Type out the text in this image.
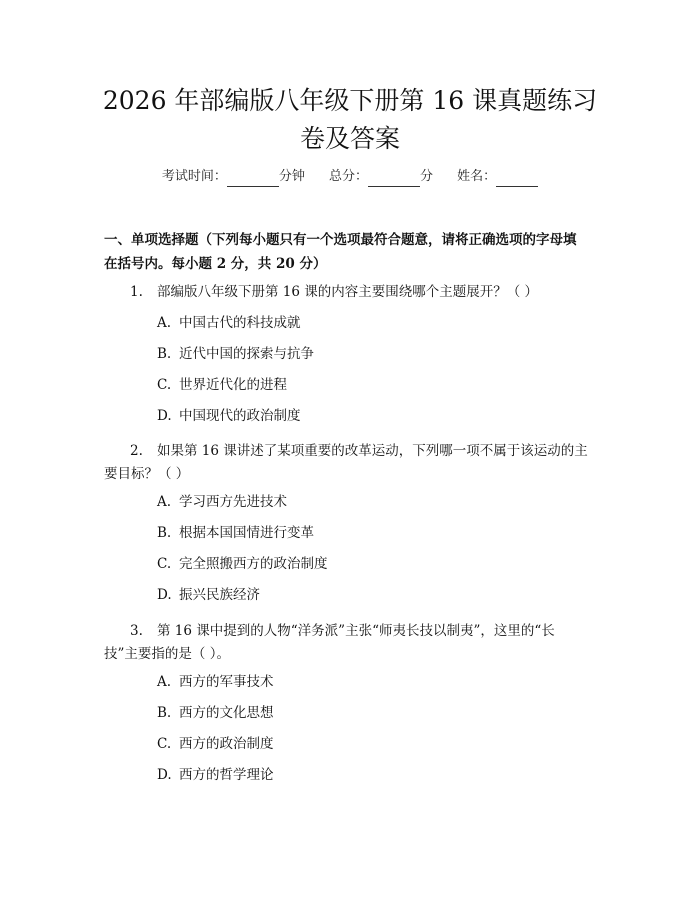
2026 年部编版八年级下册第 16 课真题练习
卷及答案
考试时间：	分钟 总分：	分 姓名：
一、单项选择题（下列每小题只有一个选项最符合题意，请将正确选项的字母填
在括号内。每小题 2 分，共 20 分）
1. 部编版八年级下册第 16 课的内容主要围绕哪个主题展开？（ ）
A. 中国古代的科技成就
B. 近代中国的探索与抗争
C. 世界近代化的进程
D. 中国现代的政治制度
2. 如果第 16 课讲述了某项重要的改革运动，下列哪一项不属于该运动的主
要目标？（ ）
A. 学习西方先进技术
B. 根据本国国情进行变革
C. 完全照搬西方的政治制度
D. 振兴民族经济
3. 第 16 课中提到的人物“洋务派”主张“师夷长技以制夷”，这里的“长
技”主要指的是（ ）。
A. 西方的军事技术
B. 西方的文化思想
C. 西方的政治制度
D. 西方的哲学理论
